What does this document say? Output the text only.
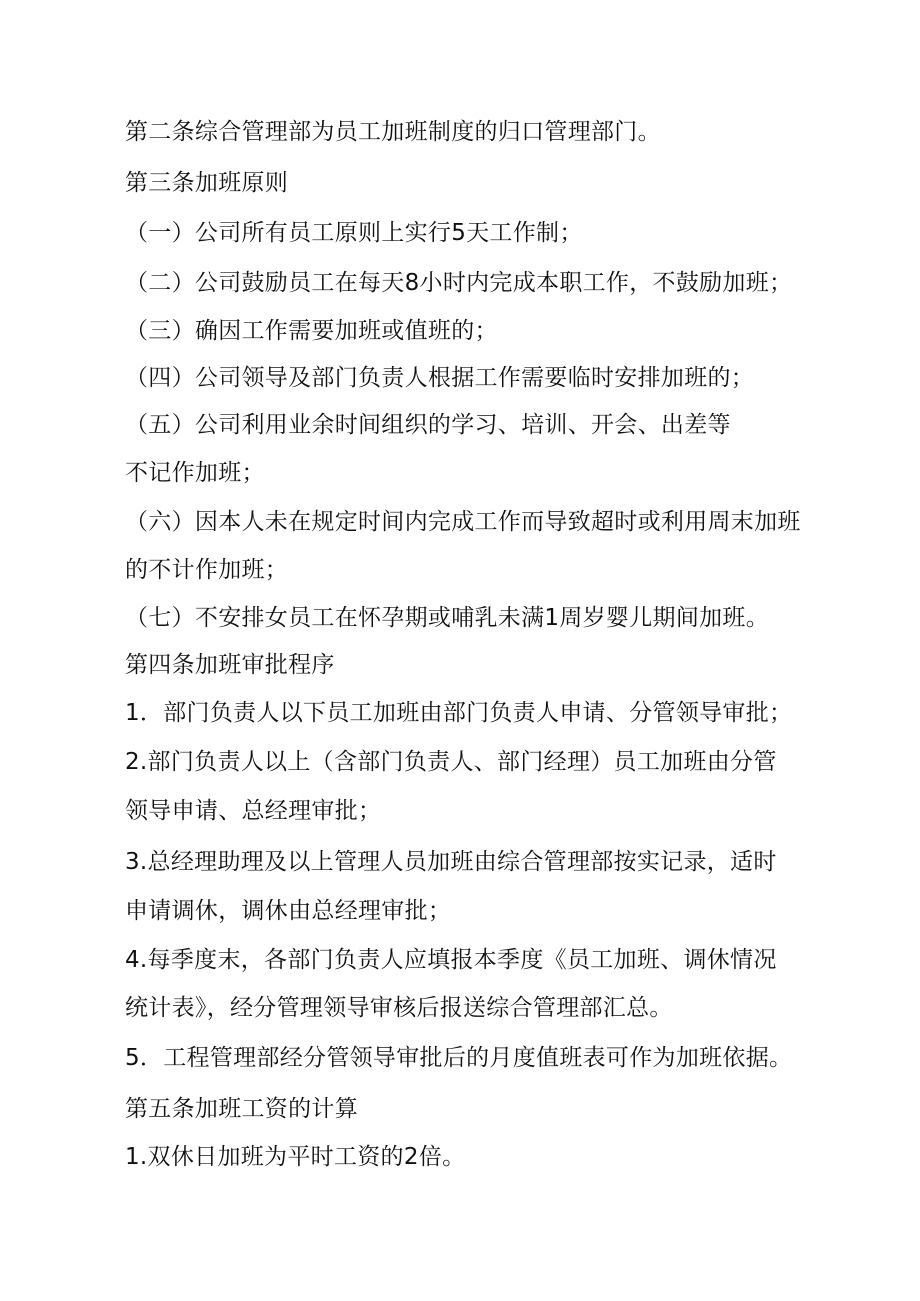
第二条综合管理部为员工加班制度的归口管理部门。
第三条加班原则
（一）公司所有员工原则上实行5天工作制；
（二）公司鼓励员工在每天8小时内完成本职工作，不鼓励加班；
（三）确因工作需要加班或值班的；
（四）公司领导及部门负责人根据工作需要临时安排加班的；
（五）公司利用业余时间组织的学习、培训、开会、出差等
不记作加班；
（六）因本人未在规定时间内完成工作而导致超时或利用周末加班
的不计作加班；
（七）不安排女员工在怀孕期或哺乳未满1周岁婴儿期间加班。
第四条加班审批程序
1．部门负责人以下员工加班由部门负责人申请、分管领导审批；
2.部门负责人以上（含部门负责人、部门经理）员工加班由分管
领导申请、总经理审批；
3.总经理助理及以上管理人员加班由综合管理部按实记录，适时
申请调休，调休由总经理审批；
4.每季度末，各部门负责人应填报本季度《员工加班、调休情况
统计表》，经分管理领导审核后报送综合管理部汇总。
5．工程管理部经分管领导审批后的月度值班表可作为加班依据。
第五条加班工资的计算
1.双休日加班为平时工资的2倍。
